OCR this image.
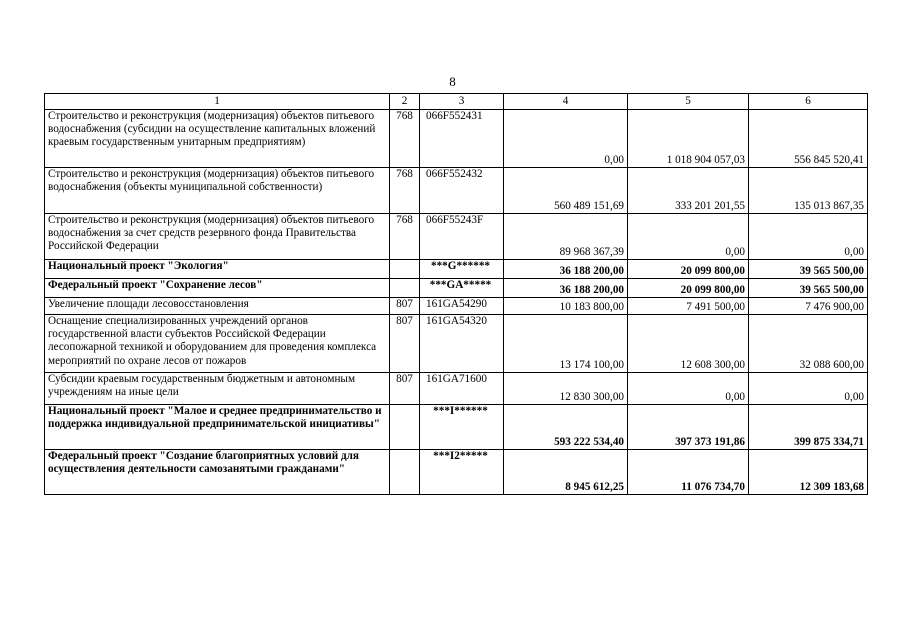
8
1	2	3	4	5	6
Строительство и реконструкция (модернизация) объектов питьевого водоснабжения (субсидии на осуществление капитальных вложений краевым государственным унитарным предприятиям)	768	066F552431	0,00	1 018 904 057,03	556 845 520,41
Строительство и реконструкция (модернизация) объектов питьевого водоснабжения (объекты муниципальной собственности)	768	066F552432	560 489 151,69	333 201 201,55	135 013 867,35
Строительство и реконструкция (модернизация) объектов питьевого водоснабжения за счет средств резервного фонда Правительства Российской Федерации	768	066F55243F	89 968 367,39	0,00	0,00
Национальный проект "Экология"		***G******	36 188 200,00	20 099 800,00	39 565 500,00
Федеральный проект "Сохранение лесов"		***GA*****	36 188 200,00	20 099 800,00	39 565 500,00
Увеличение площади лесовосстановления	807	161GA54290	10 183 800,00	7 491 500,00	7 476 900,00
Оснащение специализированных учреждений органов государственной власти субъектов Российской Федерации лесопожарной техникой и оборудованием для проведения комплекса мероприятий по охране лесов от пожаров	807	161GA54320	13 174 100,00	12 608 300,00	32 088 600,00
Субсидии краевым государственным бюджетным и автономным учреждениям на иные цели	807	161GA71600	12 830 300,00	0,00	0,00
Национальный проект "Малое и среднее предпринимательство и поддержка индивидуальной предпринимательской инициативы"		***I******	593 222 534,40	397 373 191,86	399 875 334,71
Федеральный проект "Создание благоприятных условий для осуществления деятельности самозанятыми гражданами"		***I2*****	8 945 612,25	11 076 734,70	12 309 183,68
